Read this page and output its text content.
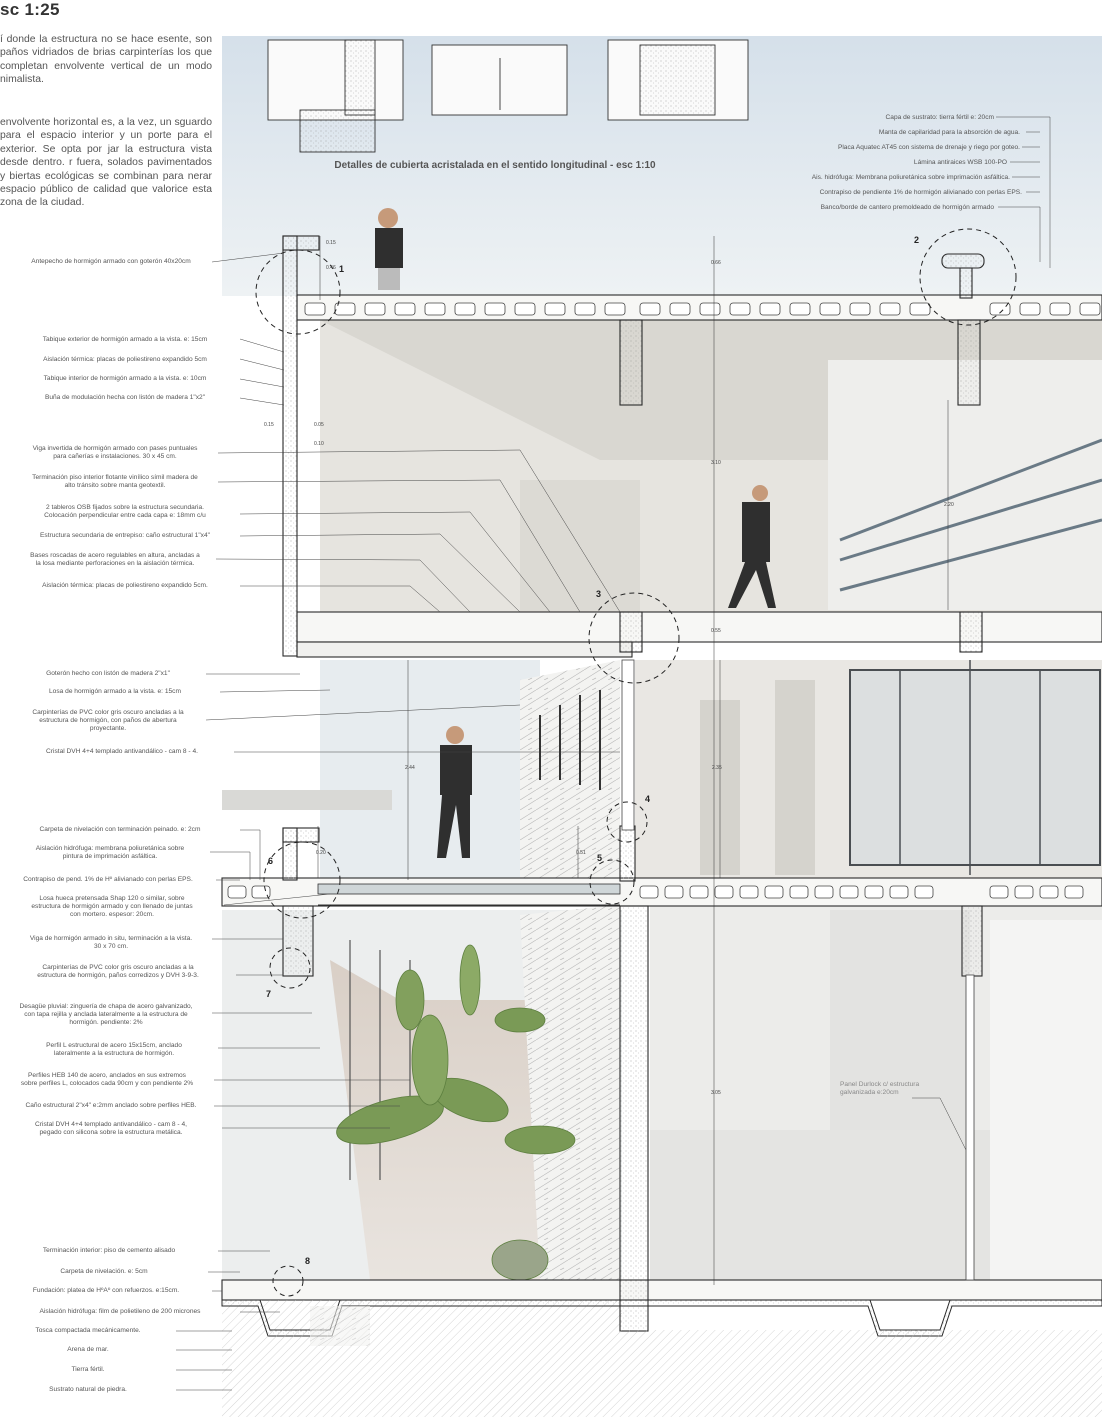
sc 1:25
í donde la estructura no se hace esente, son paños vidriados de brias carpinterías los que completan envolvente vertical de un modo nimalista.
envolvente horizontal es, a la vez, un sguardo para el espacio interior y un porte para el exterior. Se opta por jar la estructura vista desde dentro. r fuera, solados pavimentados y biertas ecológicas se combinan para nerar espacio público de calidad que valorice esta zona de la ciudad.
Detalles de cubierta acristalada en el sentido longitudinal - esc 1:10
Capa de sustrato: tierra fértil e: 20cm
Manta de capilaridad para la absorción de agua.
Placa Aquatec AT45 con sistema de drenaje y riego por goteo.
Lámina antiraices WSB 100-PO
Ais. hidrófuga: Membrana poliuretánica sobre imprimación asfáltica.
Contrapiso de pendiente 1% de hormigón alivianado con perlas EPS.
Banco/borde de cantero premoldeado de hormigón armado
Antepecho de hormigón armado con goterón 40x20cm
Tabique exterior de hormigón armado a la vista. e: 15cm
Aislación térmica: placas de poliestireno expandido 5cm
Tabique interior de hormigón armado a la vista. e: 10cm
Buña de modulación hecha con listón de madera 1"x2"
Viga invertida de hormigón armado con pases puntuales
para cañerías e instalaciones. 30 x 45 cm.
Terminación piso interior flotante vinílico símil madera de
alto tránsito sobre manta geotextil.
2 tableros OSB fijados sobre la estructura secundaria.
Colocación perpendicular entre cada capa e: 18mm c/u
Estructura secundaria de entrepiso: caño estructural 1"x4"
Bases roscadas de acero regulables en altura, ancladas a
la losa mediante perforaciones en la aislación térmica.
Aislación térmica: placas de poliestireno expandido 5cm.
Goterón hecho con listón de madera 2"x1"
Losa de hormigón armado a la vista. e: 15cm
Carpinterías de PVC color gris oscuro ancladas a la
estructura de hormigón, con paños de abertura
proyectante.
Cristal DVH 4+4 templado antivandálico - cam 8 - 4.
Carpeta de nivelación con terminación peinado. e: 2cm
Aislación hidrófuga: membrana poliuretánica sobre
pintura de imprimación asfáltica.
Contrapiso de pend. 1% de Hº alivianado con perlas EPS.
Losa hueca pretensada Shap 120 o similar, sobre
estructura de hormigón armado y con llenado de juntas
con mortero. espesor: 20cm.
Viga de hormigón armado in situ, terminación a la vista.
30 x 70 cm.
Carpinterías de PVC color gris oscuro ancladas a la
estructura de hormigón, paños corredizos y DVH 3-9-3.
Desagüe pluvial: zinguería de chapa de acero galvanizado,
con tapa rejilla y anclada lateralmente a la estructura de
hormigón. pendiente: 2%
Perfil L estructural de acero 15x15cm, anclado
lateralmente a la estructura de hormigón.
Perfiles HEB 140 de acero, anclados en sus extremos
sobre perfiles L, colocados cada 90cm y con pendiente 2%
Caño estructural 2"x4" e:2mm anclado sobre perfiles HEB.
Cristal DVH 4+4 templado antivandálico - cam 8 - 4,
pegado con silicona sobre la estructura metálica.
Terminación interior: piso de cemento alisado
Carpeta de nivelación. e: 5cm
Fundación: platea de HºAº con refuerzos. e:15cm.
Aislación hidrófuga: film de polietileno de 200 micrones
Tosca compactada mecánicamente.
Arena de mar.
Tierra fértil.
Sustrato natural de piedra.
Panel Durlock c/ estructura
galvanizada e:20cm
1
2
3
4
5
6
7
8
0.15
0.46
0.66
0.15	0.05
0.10
3.10
2.20
0.55
2.44	2.35
0.51
0.20
3.05
